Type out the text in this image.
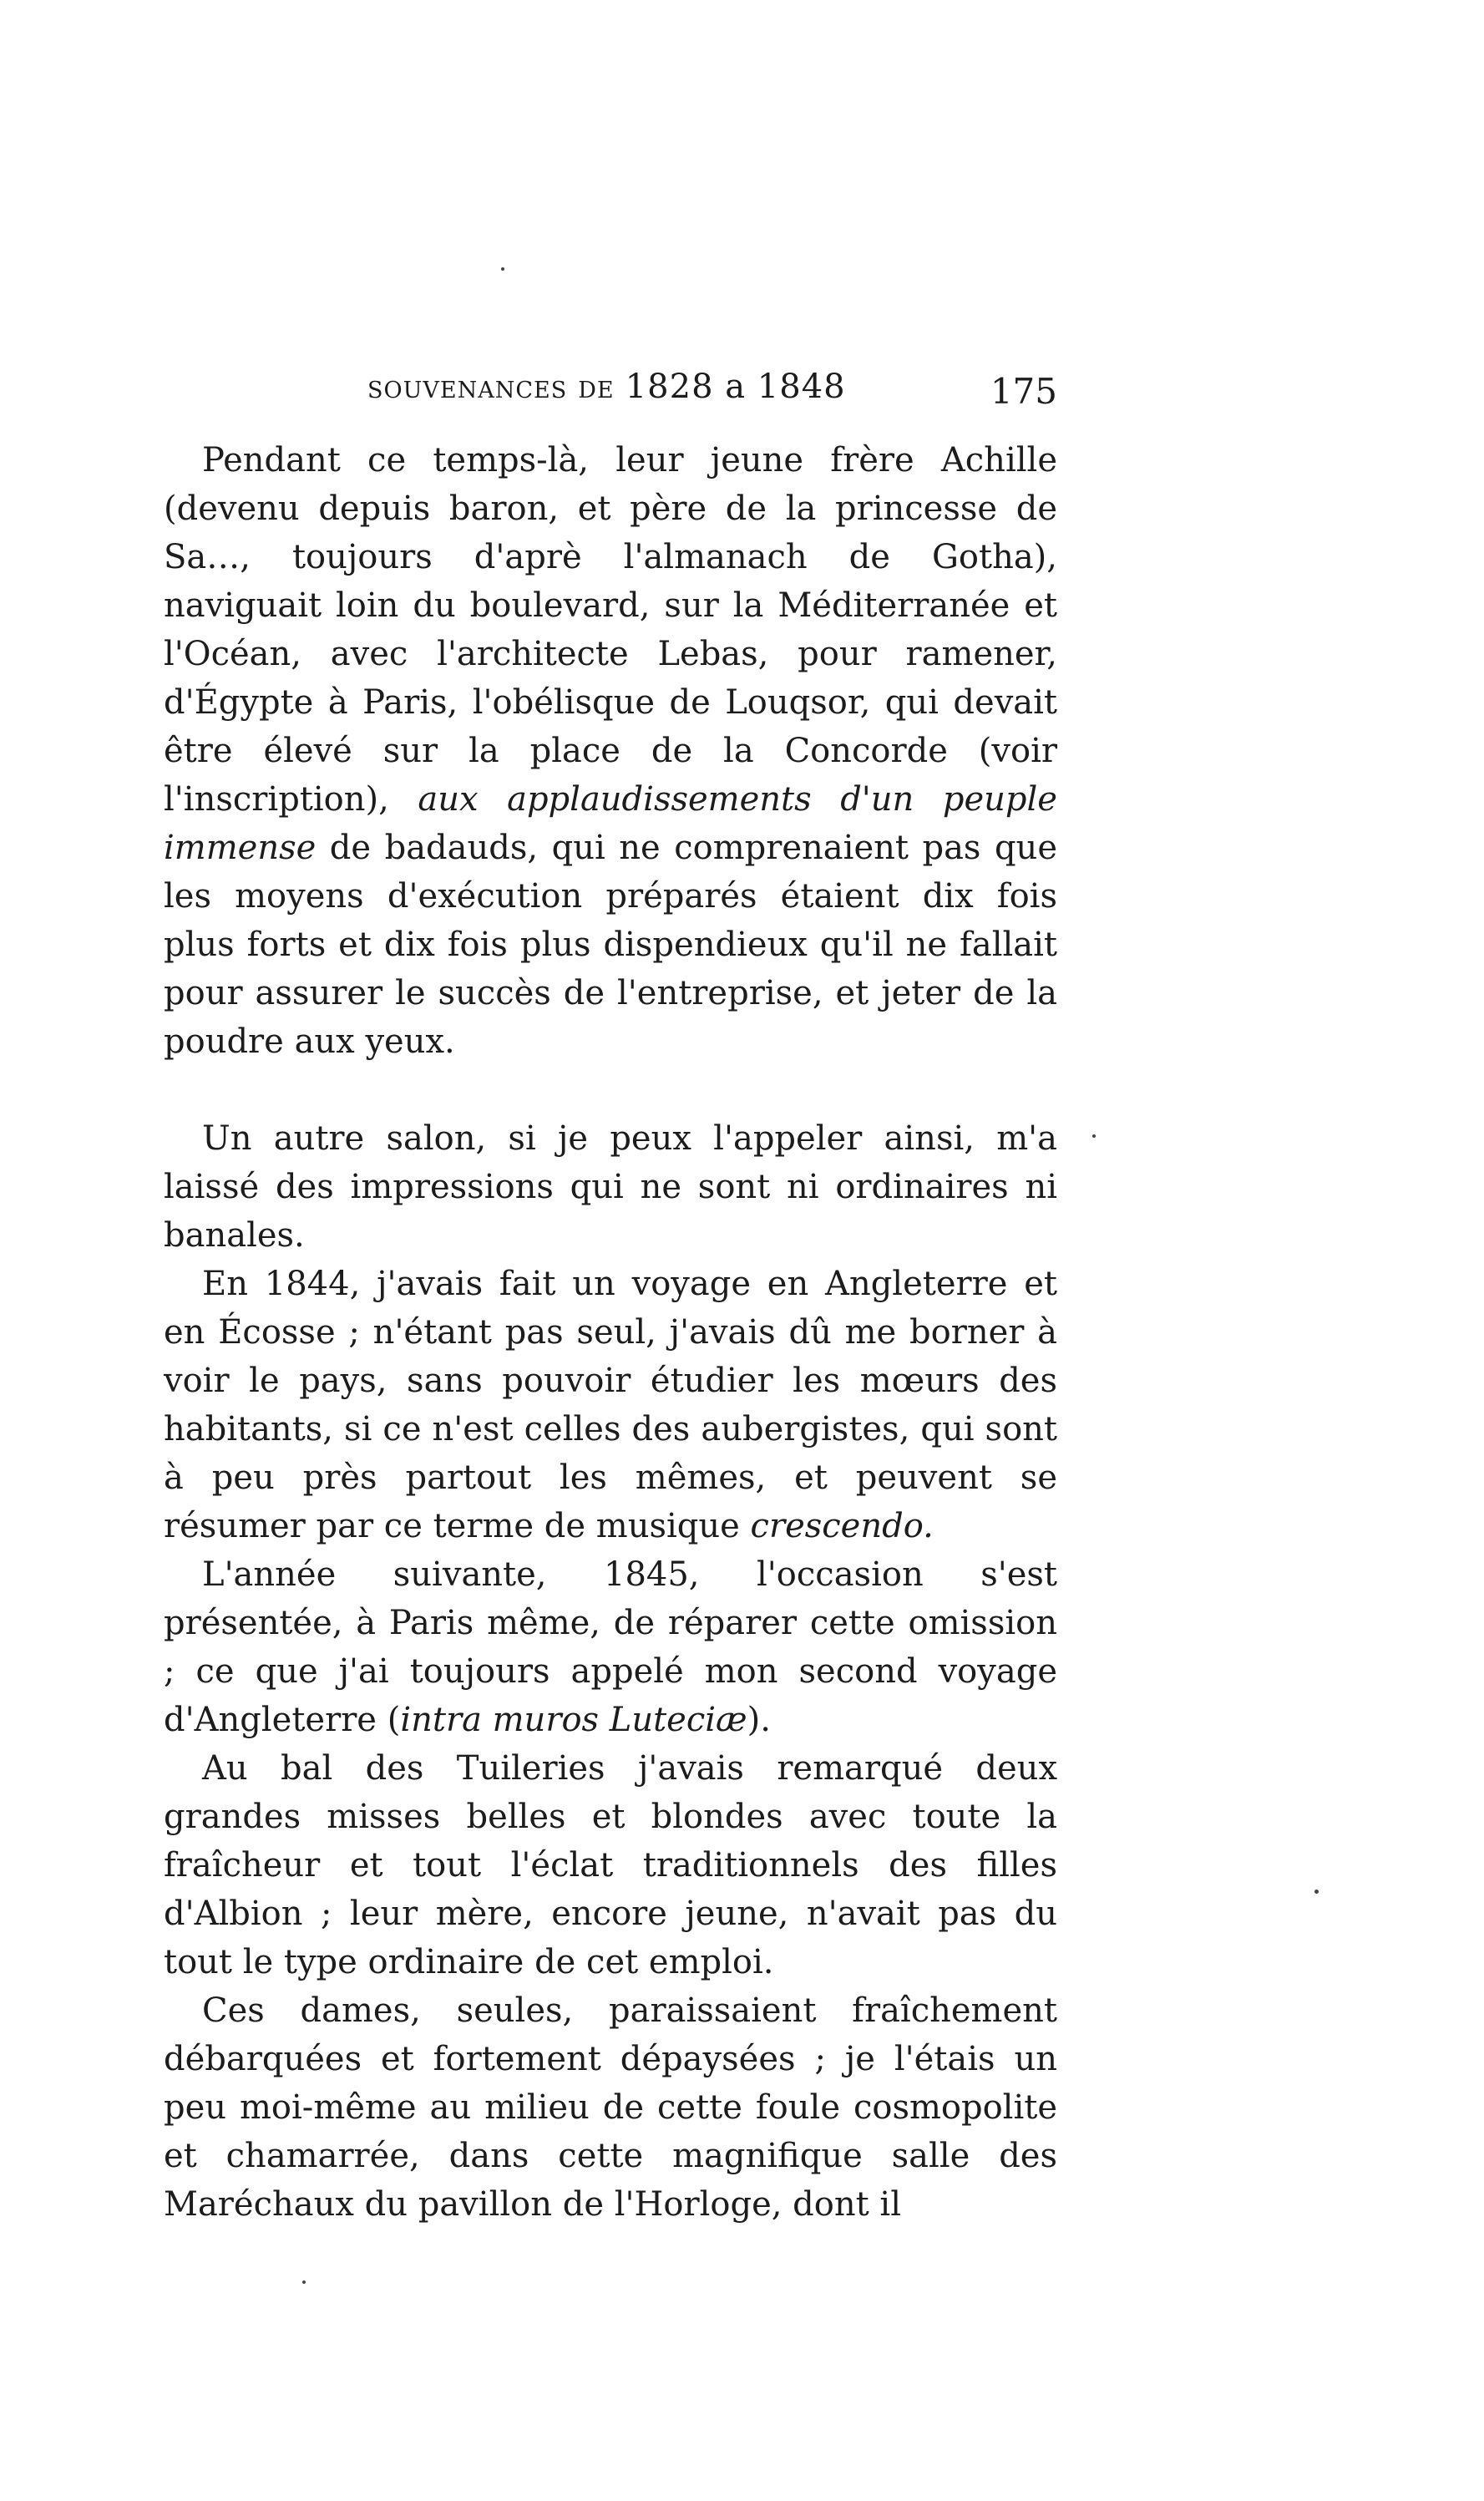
souvenances de 1828 a 1848	175

Pendant ce temps-là, leur jeune frère Achille (devenu depuis baron, et père de la princesse de Sa…, toujours d'aprè l'almanach de Gotha), naviguait loin du boulevard, sur la Méditerranée et l'Océan, avec l'architecte Lebas, pour ramener, d'Égypte à Paris, l'obélisque de Louqsor, qui devait être élevé sur la place de la Concorde (voir l'inscription), aux applaudissements d'un peuple immense de badauds, qui ne comprenaient pas que les moyens d'exécution préparés étaient dix fois plus forts et dix fois plus dispendieux qu'il ne fallait pour assurer le succès de l'entreprise, et jeter de la poudre aux yeux.

Un autre salon, si je peux l'appeler ainsi, m'a laissé des impressions qui ne sont ni ordinaires ni banales.

En 1844, j'avais fait un voyage en Angleterre et en Écosse ; n'étant pas seul, j'avais dû me borner à voir le pays, sans pouvoir étudier les mœurs des habitants, si ce n'est celles des aubergistes, qui sont à peu près partout les mêmes, et peuvent se résumer par ce terme de musique crescendo.

L'année suivante, 1845, l'occasion s'est présentée, à Paris même, de réparer cette omission ; ce que j'ai toujours appelé mon second voyage d'Angleterre (intra muros Luteciæ).

Au bal des Tuileries j'avais remarqué deux grandes misses belles et blondes avec toute la fraîcheur et tout l'éclat traditionnels des filles d'Albion ; leur mère, encore jeune, n'avait pas du tout le type ordinaire de cet emploi.

Ces dames, seules, paraissaient fraîchement débarquées et fortement dépaysées ; je l'étais un peu moi-même au milieu de cette foule cosmopolite et chamarrée, dans cette magnifique salle des Maréchaux du pavillon de l'Horloge, dont il
